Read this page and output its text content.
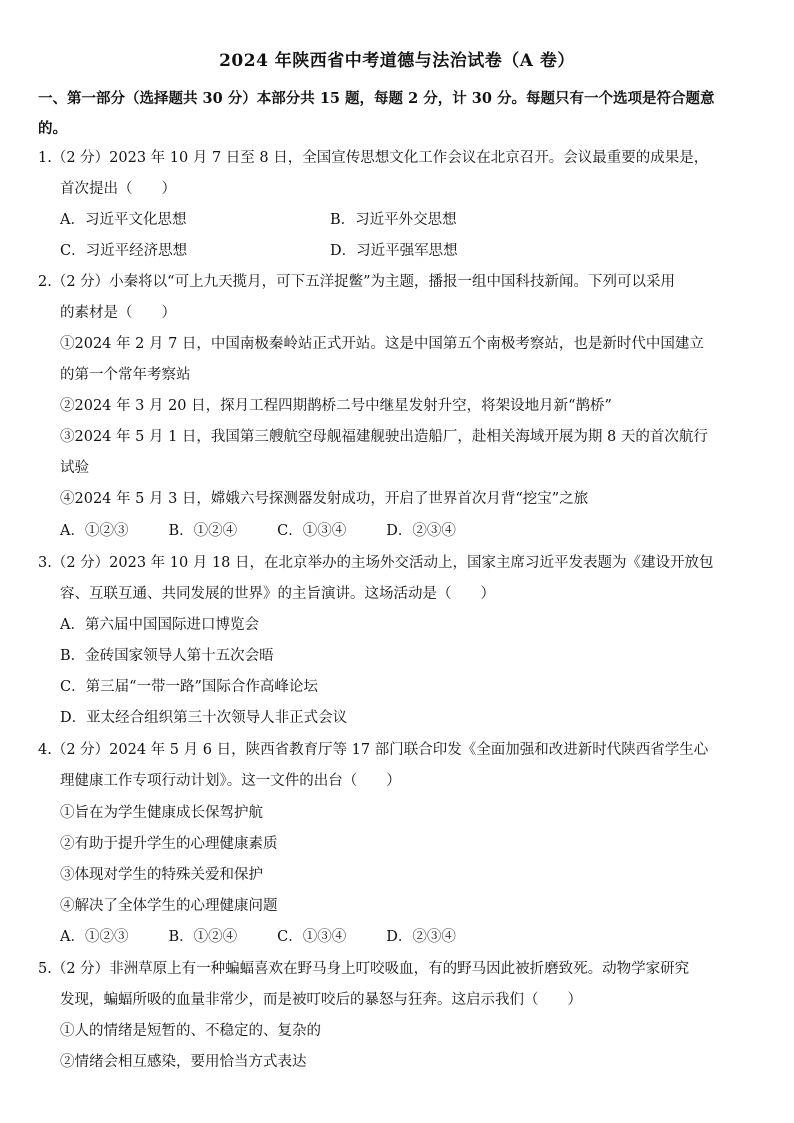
2024 年陕西省中考道德与法治试卷（A 卷）
一、第一部分（选择题共 30 分）本部分共 15 题，每题 2 分，计 30 分。每题只有一个选项是符合题意
的。
1.（2 分）2023 年 10 月 7 日至 8 日，全国宣传思想文化工作会议在北京召开。会议最重要的成果是，
首次提出（　　）
A．习近平文化思想	B．习近平外交思想
C．习近平经济思想	D．习近平强军思想
2.（2 分）小秦将以“可上九天揽月，可下五洋捉鳖”为主题，播报一组中国科技新闻。下列可以采用
的素材是（　　）
①2024 年 2 月 7 日，中国南极秦岭站正式开站。这是中国第五个南极考察站，也是新时代中国建立
的第一个常年考察站
②2024 年 3 月 20 日，探月工程四期鹊桥二号中继星发射升空，将架设地月新“鹊桥”
③2024 年 5 月 1 日，我国第三艘航空母舰福建舰驶出造船厂，赴相关海域开展为期 8 天的首次航行
试验
④2024 年 5 月 3 日，嫦娥六号探测器发射成功，开启了世界首次月背“挖宝”之旅
A．①②③	B．①②④	C．①③④	D．②③④
3.（2 分）2023 年 10 月 18 日，在北京举办的主场外交活动上，国家主席习近平发表题为《建设开放包
容、互联互通、共同发展的世界》的主旨演讲。这场活动是（　　）
A．第六届中国国际进口博览会
B．金砖国家领导人第十五次会晤
C．第三届“一带一路”国际合作高峰论坛
D．亚太经合组织第三十次领导人非正式会议
4.（2 分）2024 年 5 月 6 日，陕西省教育厅等 17 部门联合印发《全面加强和改进新时代陕西省学生心
理健康工作专项行动计划》。这一文件的出台（　　）
①旨在为学生健康成长保驾护航
②有助于提升学生的心理健康素质
③体现对学生的特殊关爱和保护
④解决了全体学生的心理健康问题
A．①②③	B．①②④	C．①③④	D．②③④
5.（2 分）非洲草原上有一种蝙蝠喜欢在野马身上叮咬吸血，有的野马因此被折磨致死。动物学家研究
发现，蝙蝠所吸的血量非常少，而是被叮咬后的暴怒与狂奔。这启示我们（　　）
①人的情绪是短暂的、不稳定的、复杂的
②情绪会相互感染，要用恰当方式表达
